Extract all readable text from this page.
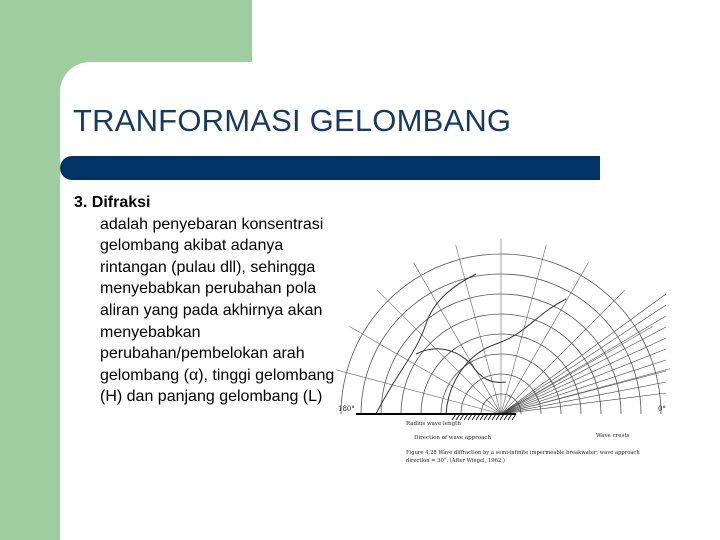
TRANFORMASI GELOMBANG

3. Difraksi

adalah penyebaran konsentrasi gelombang akibat adanya rintangan (pulau dll), sehingga menyebabkan perubahan pola aliran yang pada akhirnya akan menyebabkan perubahan/pembelokan arah gelombang (α), tinggi gelombang (H) dan panjang gelombang (L)

180°	0°
Radius wave length
Direction of wave approach	Wave crests
Figure 4.28 Wave diffraction by a semi-infinite impermeable breakwater; wave approach
direction = 30°. (After Wiegel, 1962.)
